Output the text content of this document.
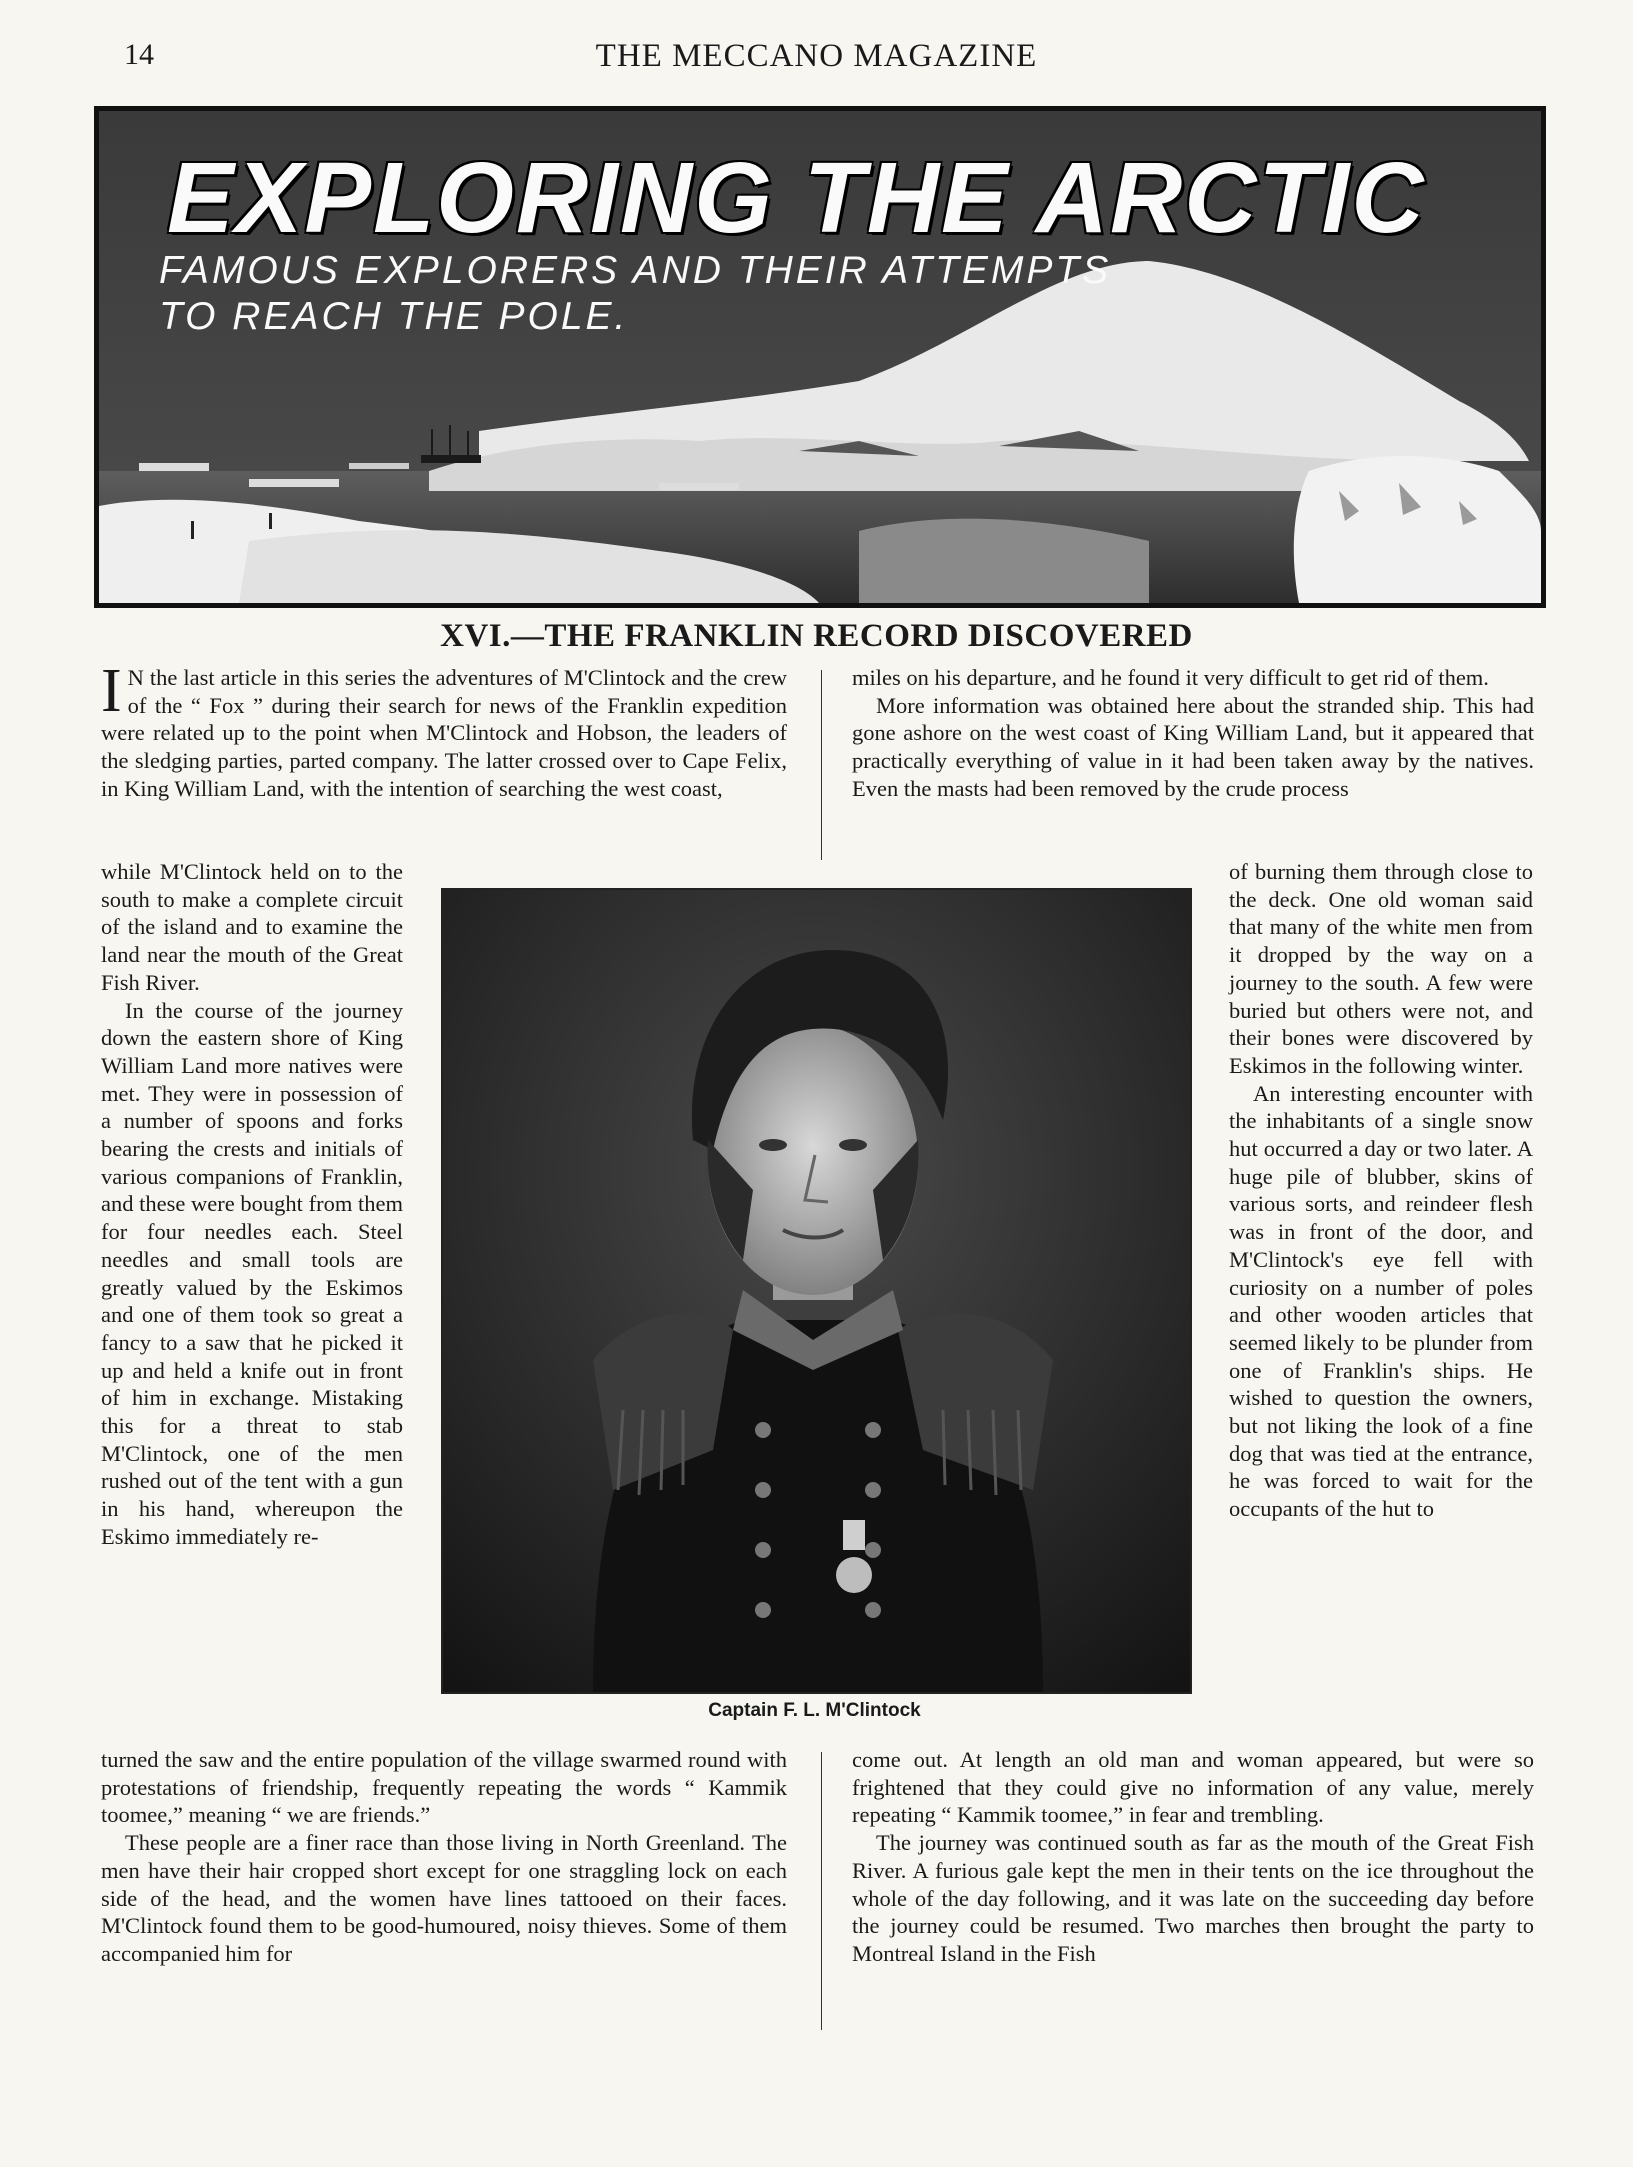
14	THE MECCANO MAGAZINE
EXPLORING THE ARCTIC
FAMOUS EXPLORERS AND THEIR ATTEMPTS
TO REACH THE POLE.
XVI.—THE FRANKLIN RECORD DISCOVERED

I N the last article in this series the adventures of M'Clintock and the crew of the “ Fox ” during their search for news of the Franklin expedition were related up to the point when M'Clintock and Hobson, the leaders of the sledging parties, parted company. The latter crossed over to Cape Felix, in King William Land, with the intention of searching the west coast,

while M'Clintock held on to the south to make a complete circuit of the island and to examine the land near the mouth of the Great Fish River.

In the course of the journey down the eastern shore of King William Land more natives were met. They were in possession of a number of spoons and forks bearing the crests and initials of various companions of Franklin, and these were bought from them for four needles each. Steel needles and small tools are greatly valued by the Eskimos and one of them took so great a fancy to a saw that he picked it up and held a knife out in front of him in exchange. Mistaking this for a threat to stab M'Clintock, one of the men rushed out of the tent with a gun in his hand, whereupon the Eskimo immediately re-

turned the saw and the entire population of the village swarmed round with protestations of friendship, frequently repeating the words “ Kammik toomee,” meaning “ we are friends.”

These people are a finer race than those living in North Greenland. The men have their hair cropped short except for one straggling lock on each side of the head, and the women have lines tattooed on their faces. M'Clintock found them to be good-humoured, noisy thieves. Some of them accompanied him for

miles on his departure, and he found it very difficult to get rid of them.

More information was obtained here about the stranded ship. This had gone ashore on the west coast of King William Land, but it appeared that practically everything of value in it had been taken away by the natives. Even the masts had been removed by the crude process

of burning them through close to the deck. One old woman said that many of the white men from it dropped by the way on a journey to the south. A few were buried but others were not, and their bones were discovered by Eskimos in the following winter.

An interesting encounter with the inhabitants of a single snow hut occurred a day or two later. A huge pile of blubber, skins of various sorts, and reindeer flesh was in front of the door, and M'Clintock's eye fell with curiosity on a number of poles and other wooden articles that seemed likely to be plunder from one of Franklin's ships. He wished to question the owners, but not liking the look of a fine dog that was tied at the entrance, he was forced to wait for the occupants of the hut to

come out. At length an old man and woman appeared, but were so frightened that they could give no information of any value, merely repeating “ Kammik toomee,” in fear and trembling.

The journey was continued south as far as the mouth of the Great Fish River. A furious gale kept the men in their tents on the ice throughout the whole of the day following, and it was late on the succeeding day before the journey could be resumed. Two marches then brought the party to Montreal Island in the Fish

Captain F. L. M'Clintock
